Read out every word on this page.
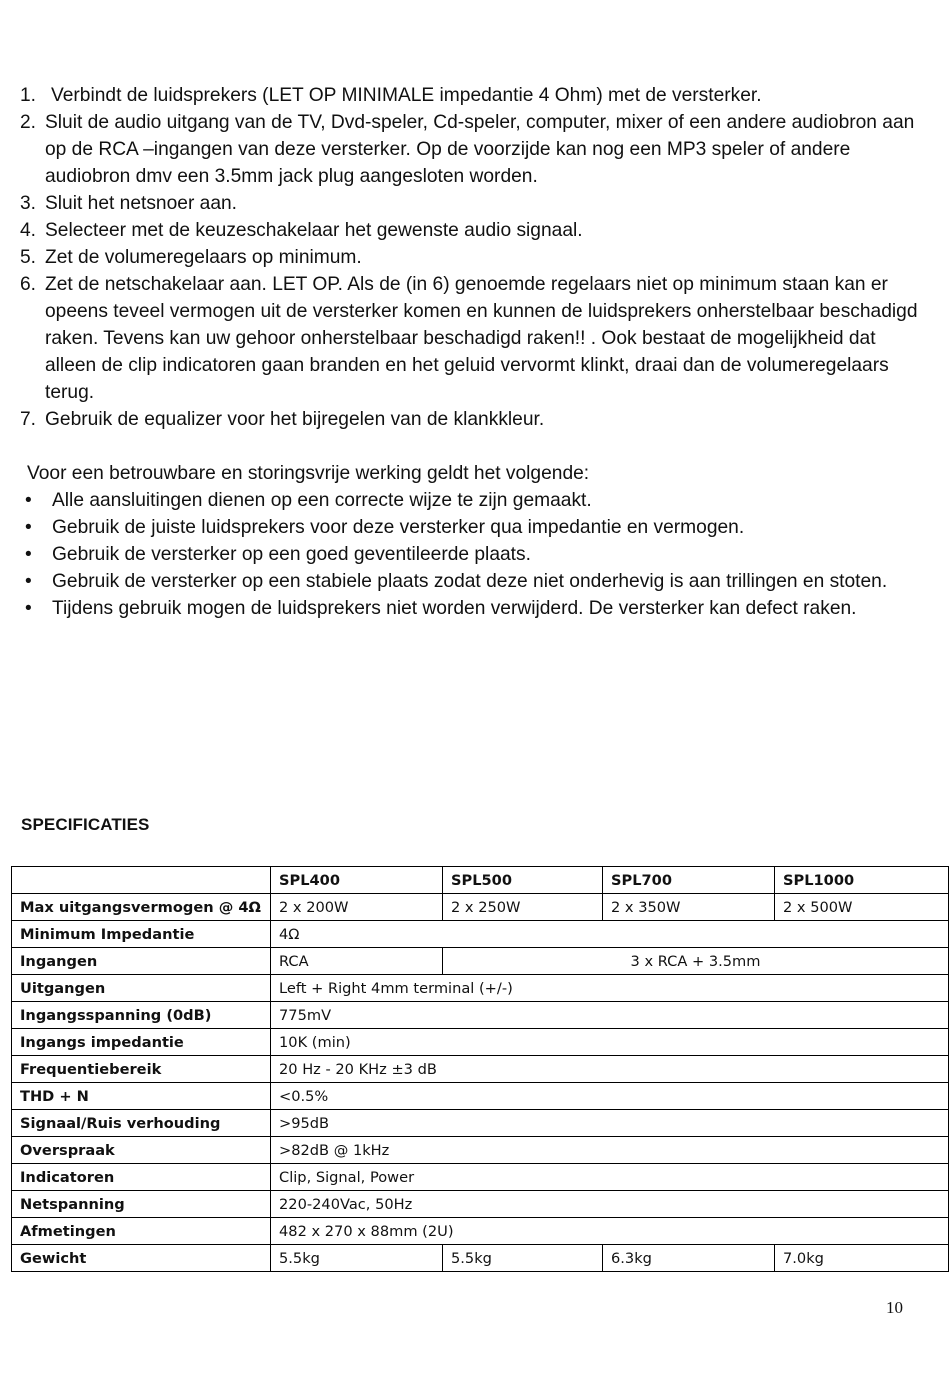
1. Verbindt de luidsprekers (LET OP MINIMALE impedantie 4 Ohm) met de versterker.
2. Sluit de audio uitgang van de TV, Dvd-speler, Cd-speler, computer, mixer of een andere audiobron aan op de RCA –ingangen van deze versterker. Op de voorzijde kan nog een MP3 speler of andere audiobron dmv een 3.5mm jack plug aangesloten worden.
3. Sluit het netsnoer aan.
4. Selecteer met de keuzeschakelaar het gewenste audio signaal.
5. Zet de volumeregelaars op minimum.
6. Zet de netschakelaar aan. LET OP. Als de (in 6) genoemde regelaars niet op minimum staan kan er opeens teveel vermogen uit de versterker komen en kunnen de luidsprekers onherstelbaar beschadigd raken. Tevens kan uw gehoor onherstelbaar beschadigd raken!! . Ook bestaat de mogelijkheid dat alleen de clip indicatoren gaan branden en het geluid vervormt klinkt, draai dan de volumeregelaars terug.
7. Gebruik de equalizer voor het bijregelen van de klankkleur.

Voor een betrouwbare en storingsvrije werking geldt het volgende:

• Alle aansluitingen dienen op een correcte wijze te zijn gemaakt.
• Gebruik de juiste luidsprekers voor deze versterker qua impedantie en vermogen.
• Gebruik de versterker op een goed geventileerde plaats.
• Gebruik de versterker op een stabiele plaats zodat deze niet onderhevig is aan trillingen en stoten.
• Tijdens gebruik mogen de luidsprekers niet worden verwijderd. De versterker kan defect raken.
SPECIFICATIES
	SPL400	SPL500	SPL700	SPL1000
Max uitgangsvermogen @ 4Ω	2 x 200W	2 x 250W	2 x 350W	2 x 500W
Minimum Impedantie	4Ω			
Ingangen	RCA	3 x RCA + 3.5mm		
Uitgangen	Left + Right 4mm terminal (+/-)			
Ingangsspanning (0dB)	775mV			
Ingangs impedantie	10K (min)			
Frequentiebereik	20 Hz - 20 KHz ±3 dB			
THD + N	<0.5%			
Signaal/Ruis verhouding	>95dB			
Overspraak	>82dB @ 1kHz			
Indicatoren	Clip, Signal, Power			
Netspanning	220-240Vac, 50Hz			
Afmetingen	482 x 270 x 88mm (2U)			
Gewicht	5.5kg	5.5kg	6.3kg	7.0kg

10
